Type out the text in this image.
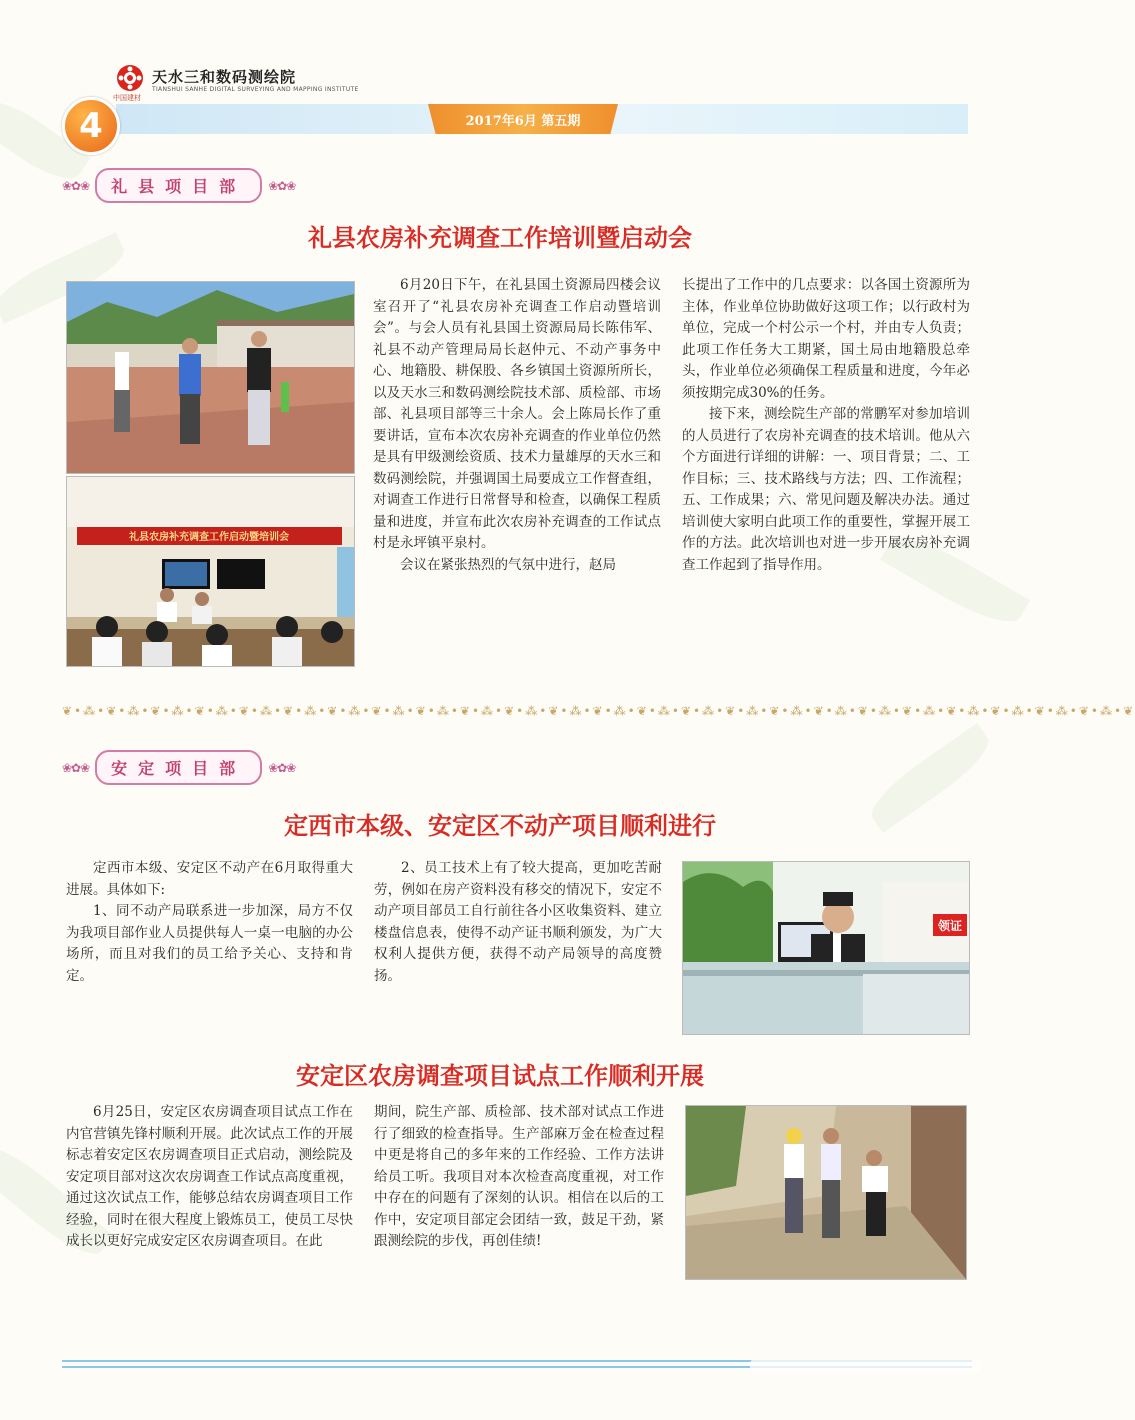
天水三和数码测绘院
TIANSHUI SANHE DIGITAL SURVEYING AND MAPPING INSTITUTE
中国建材
2017年6月 第五期
4
❀✿❀	礼县项目部	❀✿❀
礼县农房补充调查工作培训暨启动会
礼县农房补充调查工作启动暨培训会

6月20日下午，在礼县国土资源局四楼会议室召开了“礼县农房补充调查工作启动暨培训会”。与会人员有礼县国土资源局局长陈伟军、礼县不动产管理局局长赵仲元、不动产事务中心、地籍股、耕保股、各乡镇国土资源所所长，以及天水三和数码测绘院技术部、质检部、市场部、礼县项目部等三十余人。会上陈局长作了重要讲话，宣布本次农房补充调查的作业单位仍然是具有甲级测绘资质、技术力量雄厚的天水三和数码测绘院，并强调国土局要成立工作督查组，对调查工作进行日常督导和检查，以确保工程质量和进度，并宣布此次农房补充调查的工作试点村是永坪镇平泉村。

会议在紧张热烈的气氛中进行，赵局

长提出了工作中的几点要求：以各国土资源所为主体，作业单位协助做好这项工作；以行政村为单位，完成一个村公示一个村，并由专人负责；此项工作任务大工期紧，国土局由地籍股总牵头，作业单位必须确保工程质量和进度，今年必须按期完成30%的任务。

接下来，测绘院生产部的常鹏军对参加培训的人员进行了农房补充调查的技术培训。他从六个方面进行详细的讲解：一、项目背景；二、工作目标；三、技术路线与方法；四、工作流程；五、工作成果；六、常见问题及解决办法。通过培训使大家明白此项工作的重要性，掌握开展工作的方法。此次培训也对进一步开展农房补充调查工作起到了指导作用。

❦•⁂•❦•⁂•❦•⁂•❦•⁂•❦•⁂•❦•⁂•❦•⁂•❦•⁂•❦•⁂•❦•⁂•❦•⁂•❦•⁂•❦•⁂•❦•⁂•❦•⁂•❦•⁂•❦•⁂•❦•⁂•❦•⁂•❦•⁂•❦•⁂•❦•⁂•❦•⁂•❦•⁂•❦
❀✿❀	安定项目部	❀✿❀
定西市本级、安定区不动产项目顺利进行

定西市本级、安定区不动产在6月取得重大进展。具体如下:

1、同不动产局联系进一步加深，局方不仅为我项目部作业人员提供每人一桌一电脑的办公场所，而且对我们的员工给予关心、支持和肯定。

2、员工技术上有了较大提高，更加吃苦耐劳，例如在房产资料没有移交的情况下，安定不动产项目部员工自行前往各小区收集资料、建立楼盘信息表，使得不动产证书顺利颁发，为广大权利人提供方便，获得不动产局领导的高度赞扬。

领证
安定区农房调查项目试点工作顺利开展

6月25日，安定区农房调查项目试点工作在内官营镇先锋村顺利开展。此次试点工作的开展标志着安定区农房调查项目正式启动，测绘院及安定项目部对这次农房调查工作试点高度重视，通过这次试点工作，能够总结农房调查项目工作经验，同时在很大程度上锻炼员工，使员工尽快成长以更好完成安定区农房调查项目。在此

期间，院生产部、质检部、技术部对试点工作进行了细致的检查指导。生产部麻万金在检查过程中更是将自己的多年来的工作经验、工作方法讲给员工听。我项目对本次检查高度重视，对工作中存在的问题有了深刻的认识。相信在以后的工作中，安定项目部定会团结一致，鼓足干劲，紧跟测绘院的步伐，再创佳绩!
